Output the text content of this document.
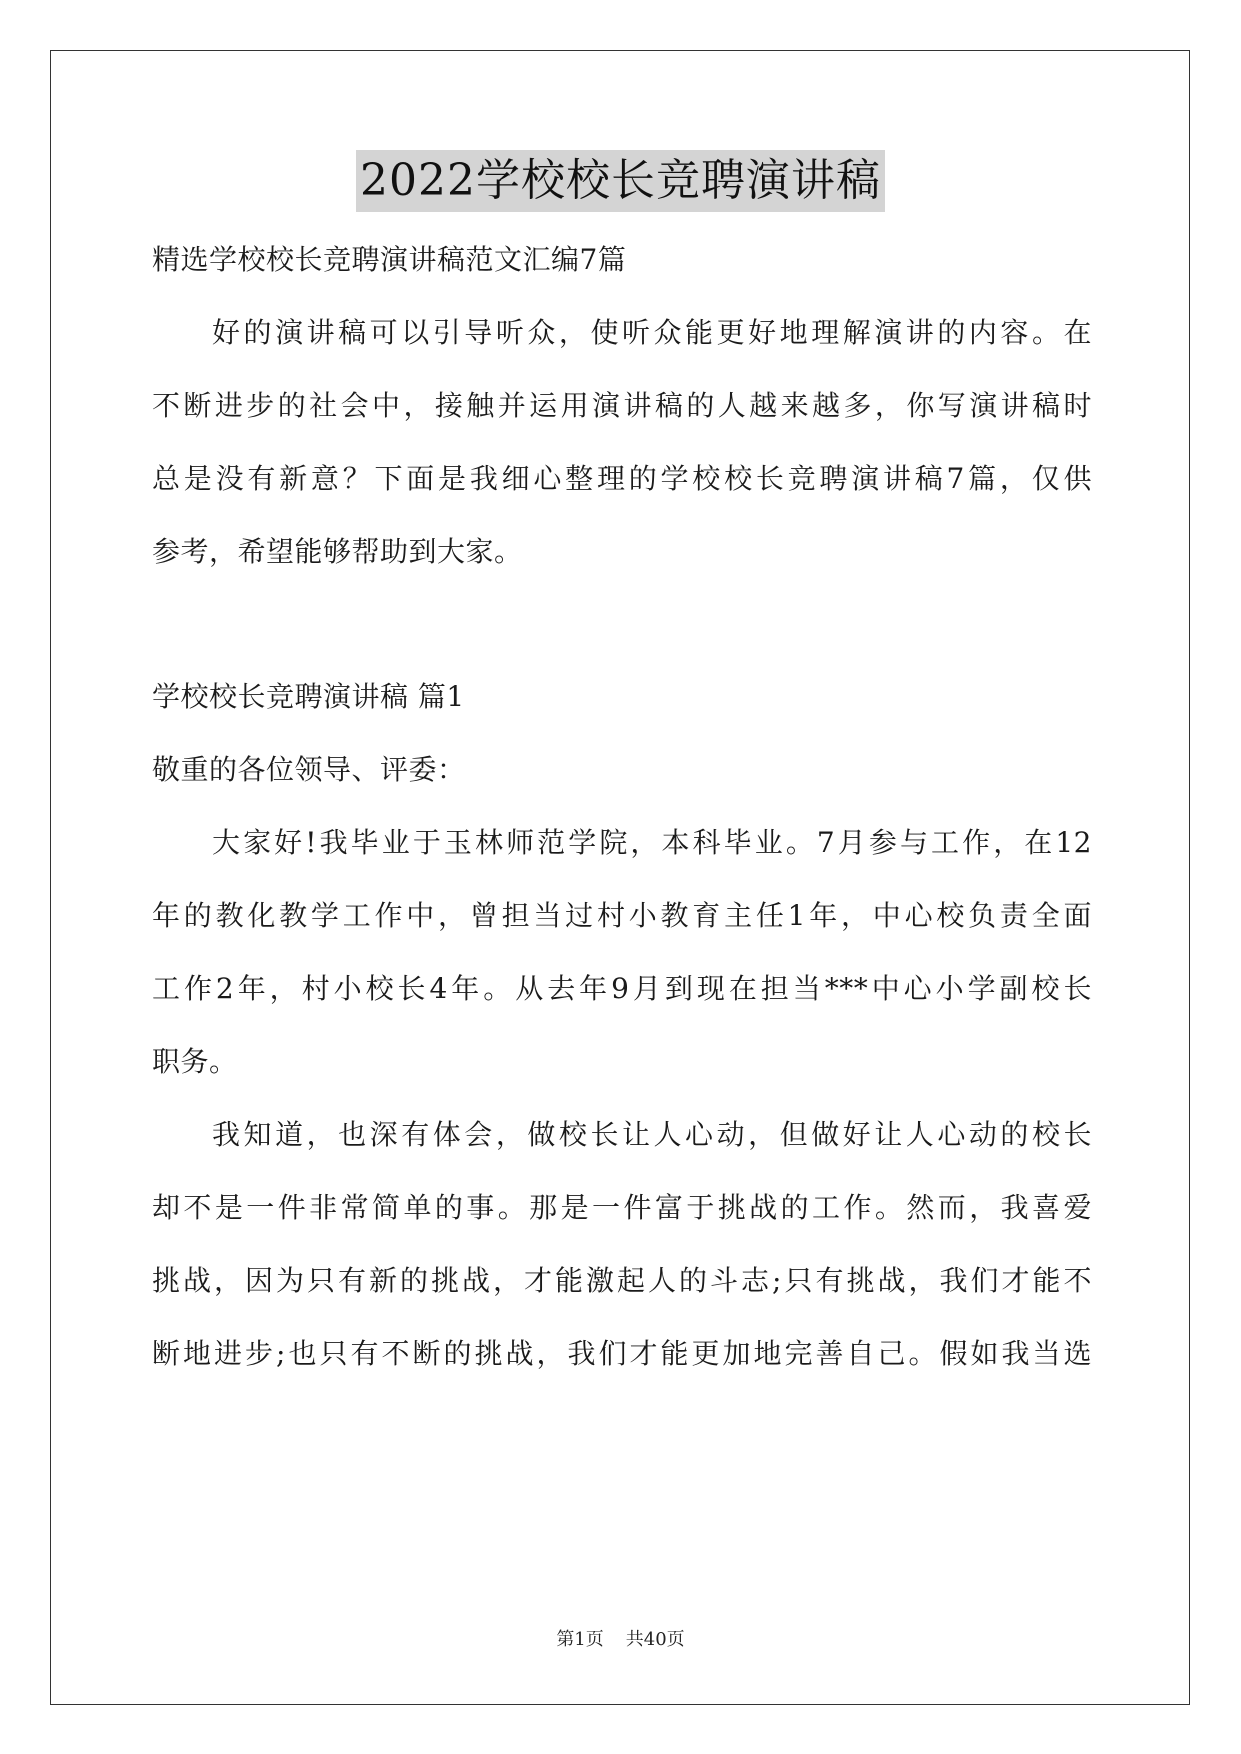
2022学校校长竞聘演讲稿
精选学校校长竞聘演讲稿范文汇编7篇
好的演讲稿可以引导听众，使听众能更好地理解演讲的内容。在
不断进步的社会中，接触并运用演讲稿的人越来越多，你写演讲稿时
总是没有新意？下面是我细心整理的学校校长竞聘演讲稿7篇，仅供
参考，希望能够帮助到大家。
学校校长竞聘演讲稿 篇1
敬重的各位领导、评委：
大家好!我毕业于玉林师范学院，本科毕业。7月参与工作，在12
年的教化教学工作中，曾担当过村小教育主任1年，中心校负责全面
工作2年，村小校长4年。从去年9月到现在担当***中心小学副校长
职务。
我知道，也深有体会，做校长让人心动，但做好让人心动的校长
却不是一件非常简单的事。那是一件富于挑战的工作。然而，我喜爱
挑战，因为只有新的挑战，才能激起人的斗志;只有挑战，我们才能不
断地进步;也只有不断的挑战，我们才能更加地完善自己。假如我当选
第1页 共40页
